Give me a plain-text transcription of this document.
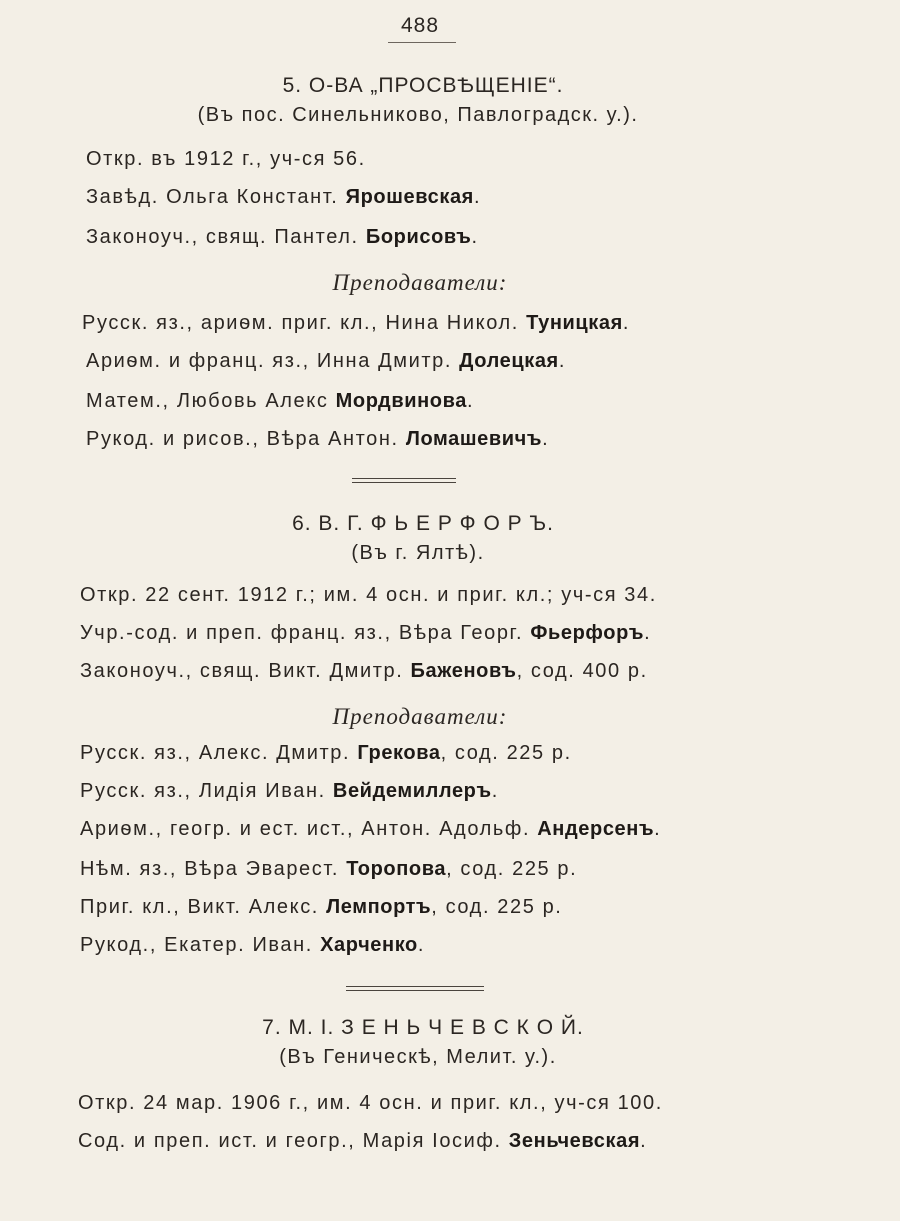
488
5. О-ВА „ПРОСВѢЩЕНІЕ“.
(Въ пос. Синельниково, Павлоградск. у.).
Откр. въ 1912 г., уч-ся 56.
Завѣд. Ольга Констант. Ярошевская.
Законоуч., свящ. Пантел. Борисовъ.
Преподаватели:
Русск. яз., ариѳм. приг. кл., Нина Никол. Туницкая.
Ариѳм. и франц. яз., Инна Дмитр. Долецкая.
Матем., Любовь Алекс Мордвинова.
Рукод. и рисов., Вѣра Антон. Ломашевичъ.
6. В. Г. Ф Ь Е Р Ф О Р Ъ.
(Въ г. Ялтѣ).
Откр. 22 сент. 1912 г.; им. 4 осн. и приг. кл.; уч-ся 34.
Учр.-сод. и преп. франц. яз., Вѣра Георг. Фьерфоръ.
Законоуч., свящ. Викт. Дмитр. Баженовъ, сод. 400 р.
Преподаватели:
Русск. яз., Алекс. Дмитр. Грекова, сод. 225 р.
Русск. яз., Лидія Иван. Вейдемиллеръ.
Ариѳм., геогр. и ест. ист., Антон. Адольф. Андерсенъ.
Нѣм. яз., Вѣра Эварест. Торопова, сод. 225 р.
Приг. кл., Викт. Алекс. Лемпортъ, сод. 225 р.
Рукод., Екатер. Иван. Харченко.
7. М. І. З Е Н Ь Ч Е В С К О Й.
(Въ Геническѣ, Мелит. у.).
Откр. 24 мар. 1906 г., им. 4 осн. и приг. кл., уч-ся 100.
Сод. и преп. ист. и геогр., Марія Іосиф. Зеньчевская.
